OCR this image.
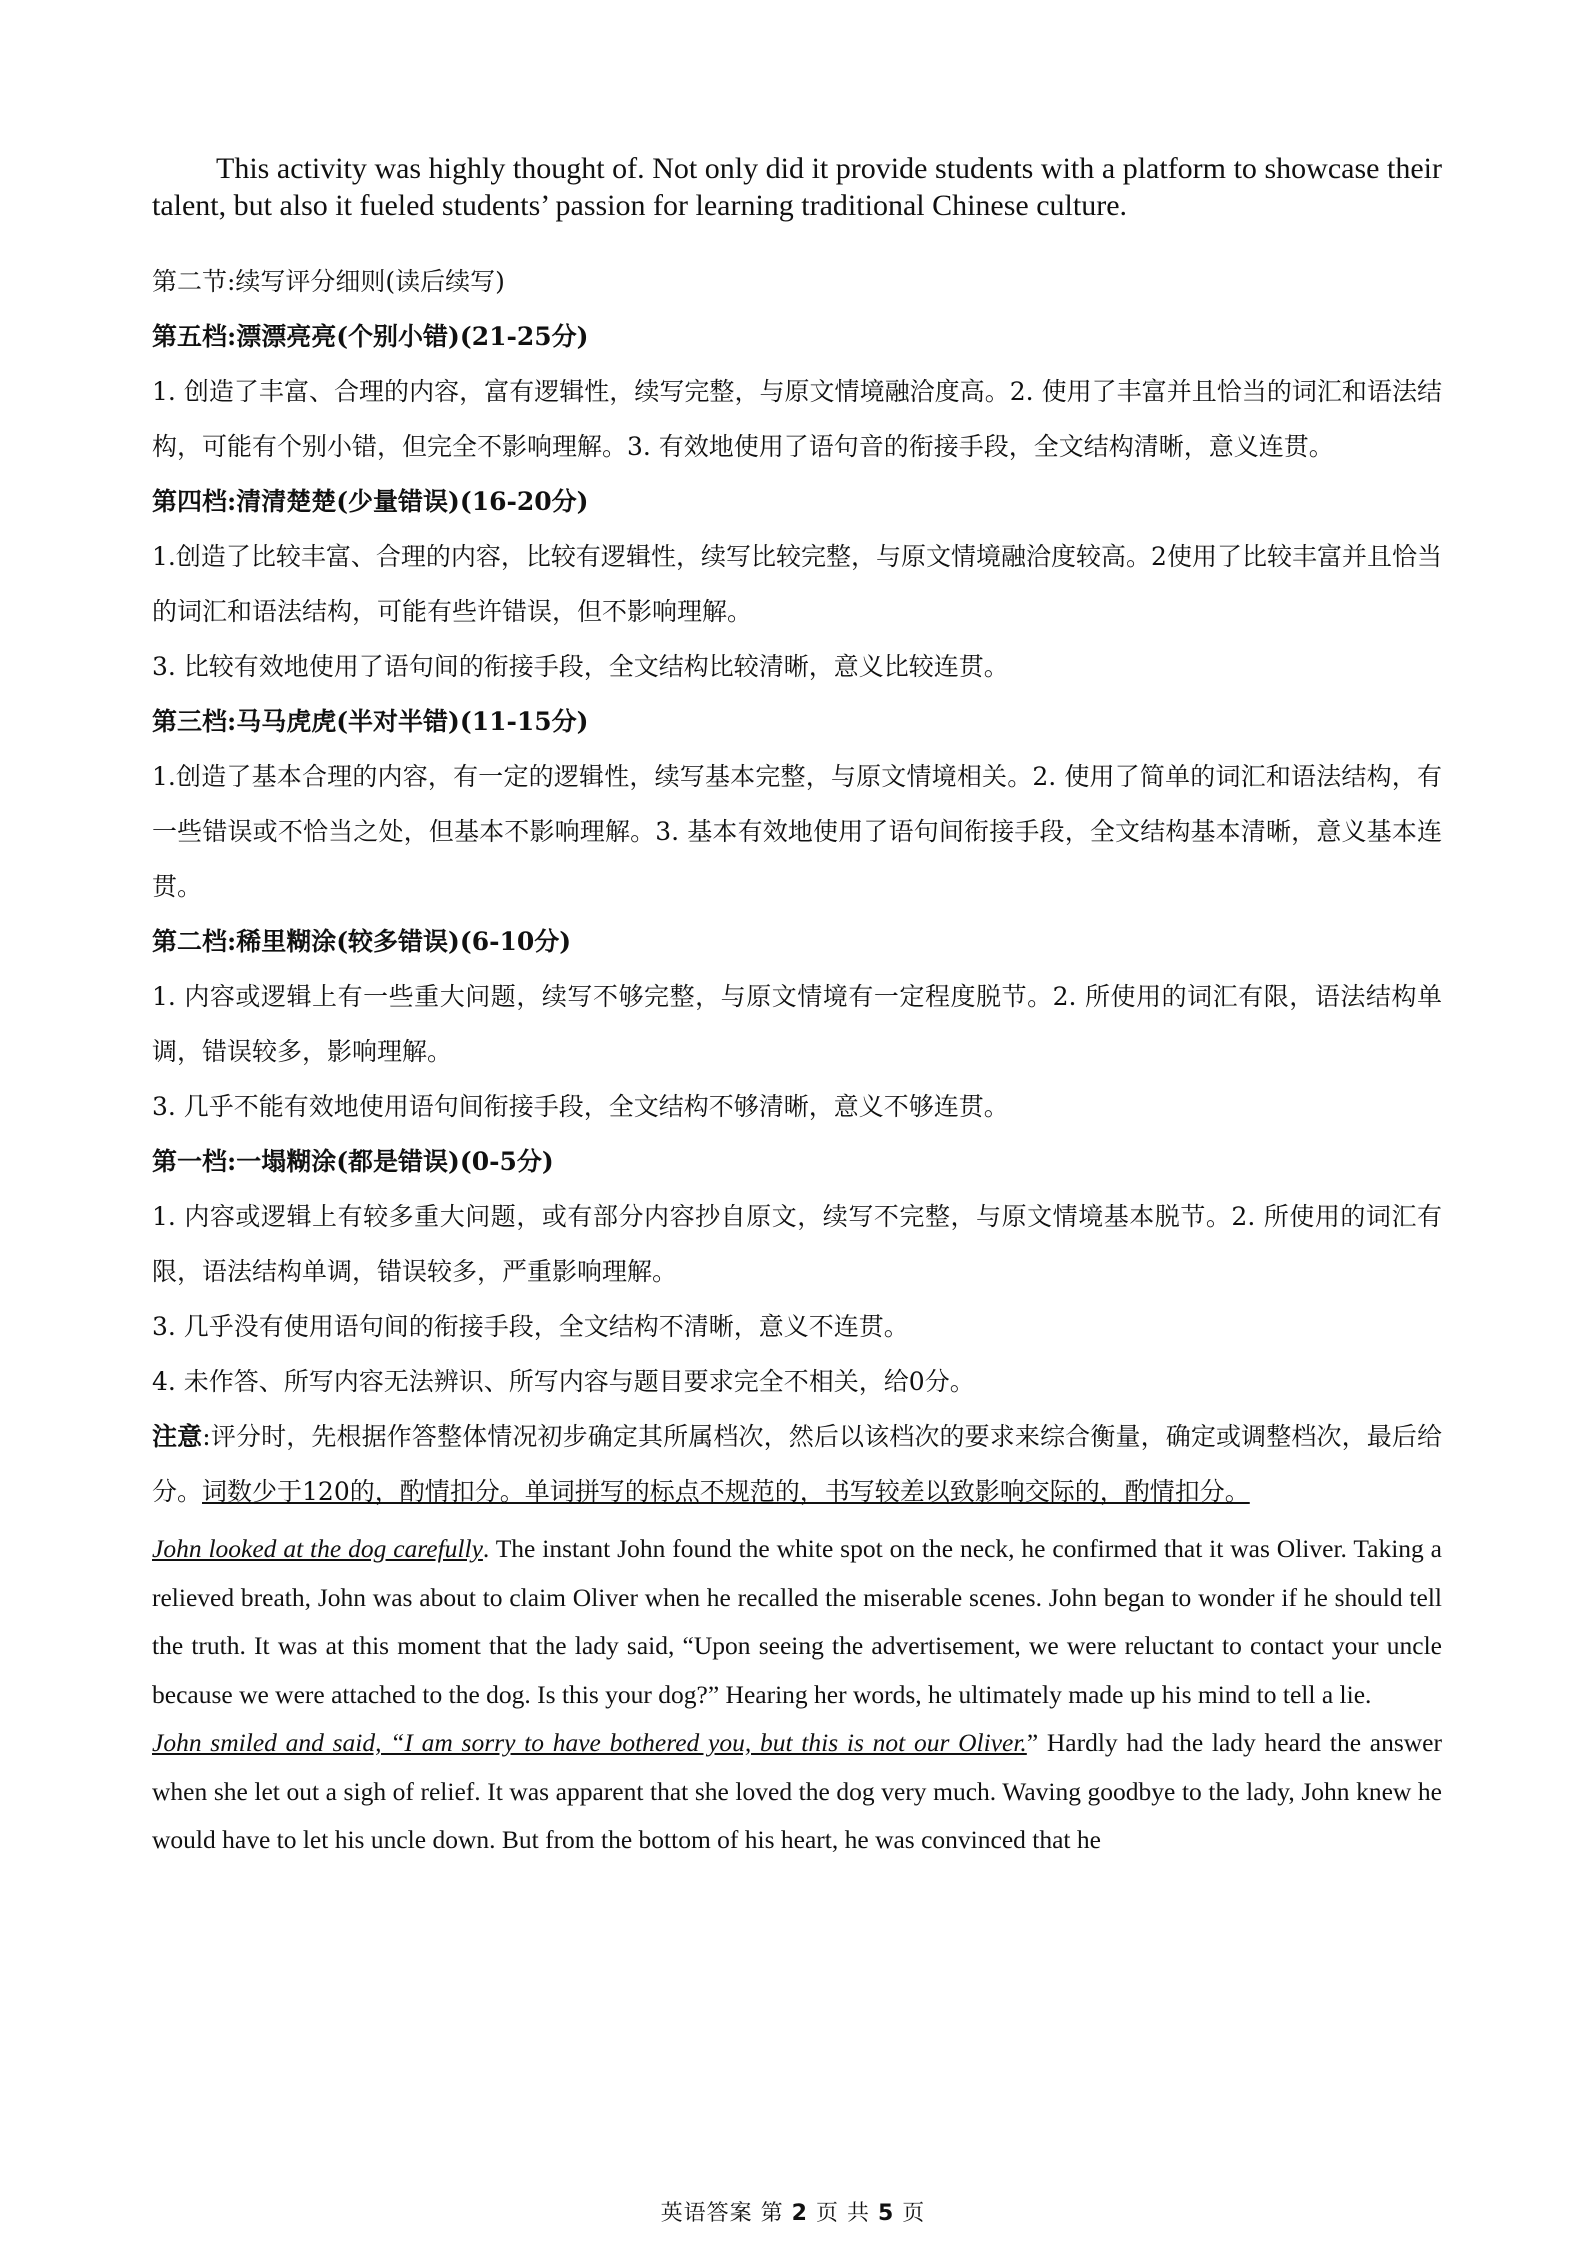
This activity was highly thought of. Not only did it provide students with a platform to showcase their talent, but also it fueled students’ passion for learning traditional Chinese culture.

第二节:续写评分细则(读后续写)

第五档:漂漂亮亮(个别小错)(21-25分)

1. 创造了丰富、合理的内容，富有逻辑性，续写完整，与原文情境融洽度高。2. 使用了丰富并且恰当的词汇和语法结构，可能有个别小错，但完全不影响理解。3. 有效地使用了语句音的衔接手段，全文结构清晰，意义连贯。

第四档:清清楚楚(少量错误)(16-20分)

1.创造了比较丰富、合理的内容，比较有逻辑性，续写比较完整，与原文情境融洽度较高。2使用了比较丰富并且恰当的词汇和语法结构，可能有些许错误，但不影响理解。

3. 比较有效地使用了语句间的衔接手段，全文结构比较清晰，意义比较连贯。

第三档:马马虎虎(半对半错)(11-15分)

1.创造了基本合理的内容，有一定的逻辑性，续写基本完整，与原文情境相关。2. 使用了简单的词汇和语法结构，有一些错误或不恰当之处，但基本不影响理解。3. 基本有效地使用了语句间衔接手段，全文结构基本清晰，意义基本连贯。

第二档:稀里糊涂(较多错误)(6-10分)

1. 内容或逻辑上有一些重大问题，续写不够完整，与原文情境有一定程度脱节。2. 所使用的词汇有限，语法结构单调，错误较多，影响理解。

3. 几乎不能有效地使用语句间衔接手段，全文结构不够清晰，意义不够连贯。

第一档:一塌糊涂(都是错误)(0-5分)

1. 内容或逻辑上有较多重大问题，或有部分内容抄自原文，续写不完整，与原文情境基本脱节。2. 所使用的词汇有限，语法结构单调，错误较多，严重影响理解。

3. 几乎没有使用语句间的衔接手段，全文结构不清晰，意义不连贯。

4. 未作答、所写内容无法辨识、所写内容与题目要求完全不相关，给0分。

注意:评分时，先根据作答整体情况初步确定其所属档次，然后以该档次的要求来综合衡量，确定或调整档次，最后给分。词数少于120的，酌情扣分。单词拼写的标点不规范的，书写较差以致影响交际的，酌情扣分。

John looked at the dog carefully. The instant John found the white spot on the neck, he confirmed that it was Oliver. Taking a relieved breath, John was about to claim Oliver when he recalled the miserable scenes. John began to wonder if he should tell the truth. It was at this moment that the lady said, “Upon seeing the advertisement, we were reluctant to contact your uncle because we were attached to the dog. Is this your dog?” Hearing her words, he ultimately made up his mind to tell a lie.

John smiled and said, “I am sorry to have bothered you, but this is not our Oliver.” Hardly had the lady heard the answer when she let out a sigh of relief. It was apparent that she loved the dog very much. Waving goodbye to the lady, John knew he would have to let his uncle down. But from the bottom of his heart, he was convinced that he

英语答案 第 2 页 共 5 页
